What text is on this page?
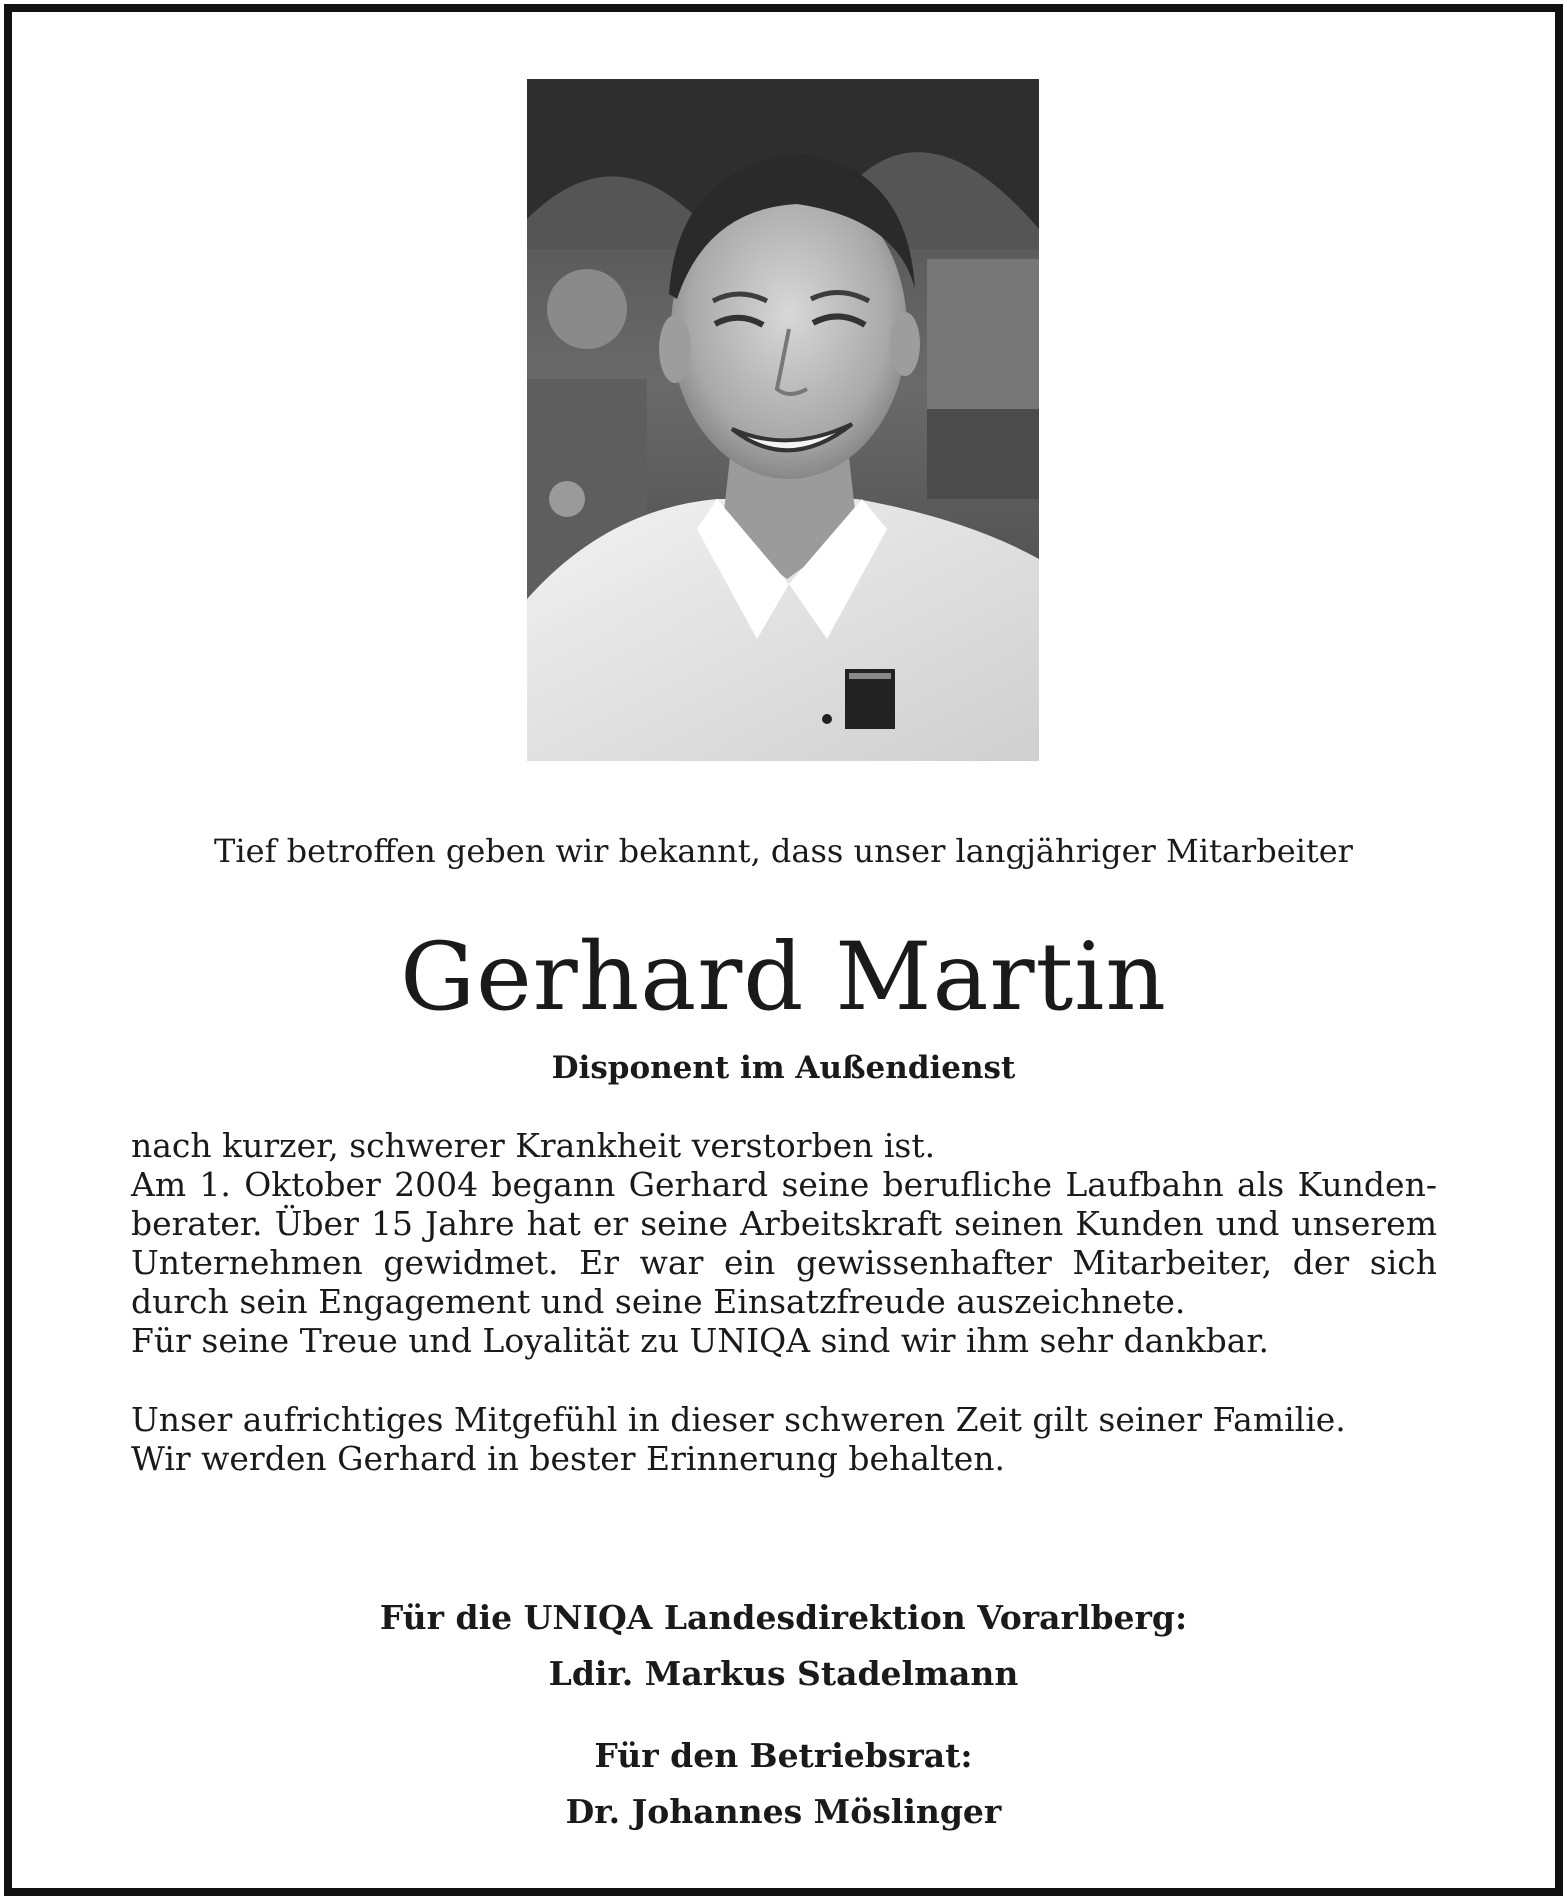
Tief betroffen geben wir bekannt, dass unser langjähriger Mitarbeiter
Gerhard Martin
Disponent im Außendienst

nach kurzer, schwerer Krankheit verstorben ist.

Am 1. Oktober 2004 begann Gerhard seine berufliche Laufbahn als Kundenberater. Über 15 Jahre hat er seine Arbeitskraft seinen Kunden und unserem Unternehmen gewidmet. Er war ein gewissenhafter Mitarbeiter, der sich durch sein Engagement und seine Einsatzfreude auszeichnete.

Für seine Treue und Loyalität zu UNIQA sind wir ihm sehr dankbar.

Unser aufrichtiges Mitgefühl in dieser schweren Zeit gilt seiner Familie.

Wir werden Gerhard in bester Erinnerung behalten.

Für die UNIQA Landesdirektion Vorarlberg:
Ldir. Markus Stadelmann
Für den Betriebsrat:
Dr. Johannes Möslinger
